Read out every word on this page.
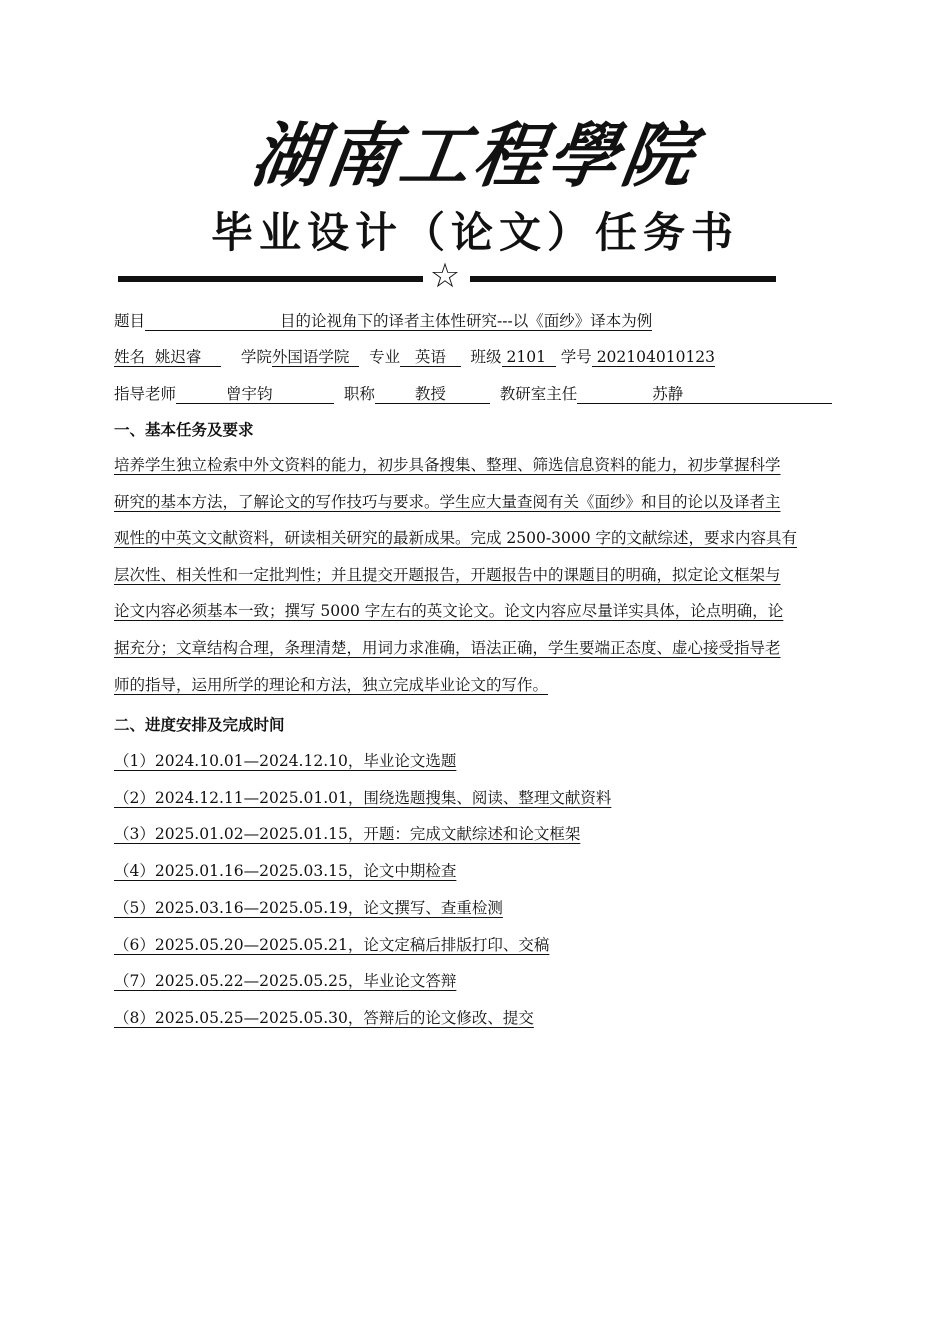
湖南工程學院
毕业设计（论文）任务书
☆
题目	目的论视角下的译者主体性研究---以《面纱》译本为例
姓名 姚迟睿	学院外国语学院 专业 英语 班级 2101 学号 202104010123
指导老师	曾宇钧	职称	教授	教研室主任	苏静
一、基本任务及要求
培养学生独立检索中外文资料的能力，初步具备搜集、整理、筛选信息资料的能力，初步掌握科学
研究的基本方法，了解论文的写作技巧与要求。学生应大量查阅有关《面纱》和目的论以及译者主
观性的中英文文献资料，研读相关研究的最新成果。完成 2500-3000 字的文献综述，要求内容具有
层次性、相关性和一定批判性；并且提交开题报告，开题报告中的课题目的明确，拟定论文框架与
论文内容必须基本一致；撰写 5000 字左右的英文论文。论文内容应尽量详实具体，论点明确，论
据充分；文章结构合理，条理清楚，用词力求准确，语法正确，学生要端正态度、虚心接受指导老
师的指导，运用所学的理论和方法，独立完成毕业论文的写作。
二、进度安排及完成时间
（1）2024.10.01—2024.12.10，毕业论文选题
（2）2024.12.11—2025.01.01，围绕选题搜集、阅读、整理文献资料
（3）2025.01.02—2025.01.15，开题：完成文献综述和论文框架
（4）2025.01.16—2025.03.15，论文中期检查
（5）2025.03.16—2025.05.19，论文撰写、查重检测
（6）2025.05.20—2025.05.21，论文定稿后排版打印、交稿
（7）2025.05.22—2025.05.25，毕业论文答辩
（8）2025.05.25—2025.05.30，答辩后的论文修改、提交
